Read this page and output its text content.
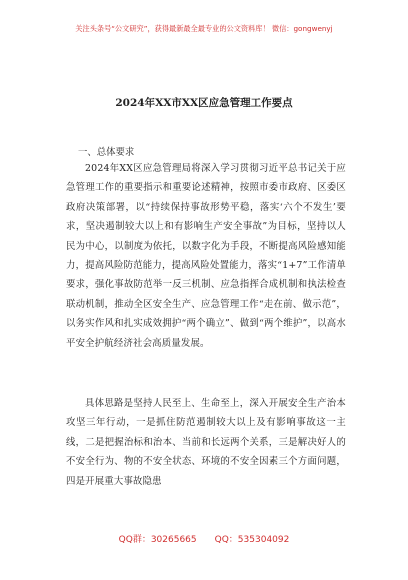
关注头条号“公文研究”，获得最新最全最专业的公文资料库！ 微信：gongwenyj
2024年XX市XX区应急管理工作要点
一、总体要求

2024年XX区应急管理局将深入学习贯彻习近平总书记关于应急管理工作的重要指示和重要论述精神，按照市委市政府、区委区政府决策部署，以“持续保持事故形势平稳，落实‘六个不发生’要求，坚决遏制较大以上和有影响生产安全事故”为目标，坚持以人民为中心，以制度为依托，以数字化为手段，不断提高风险感知能力，提高风险防范能力，提高风险处置能力，落实“1+7”工作清单要求，强化事故防范举一反三机制、应急指挥合成机制和执法检查联动机制，推动全区安全生产、应急管理工作“走在前、做示范”，以务实作风和扎实成效拥护“两个确立”、做到“两个维护”，以高水平安全护航经济社会高质量发展。

具体思路是坚持人民至上、生命至上，深入开展安全生产治本攻坚三年行动，一是抓住防范遏制较大以上及有影响事故这一主线，二是把握治标和治本、当前和长远两个关系，三是解决好人的不安全行为、物的不安全状态、环境的不安全因素三个方面问题，四是开展重大事故隐患

QQ群：30265665 QQ：535304092
